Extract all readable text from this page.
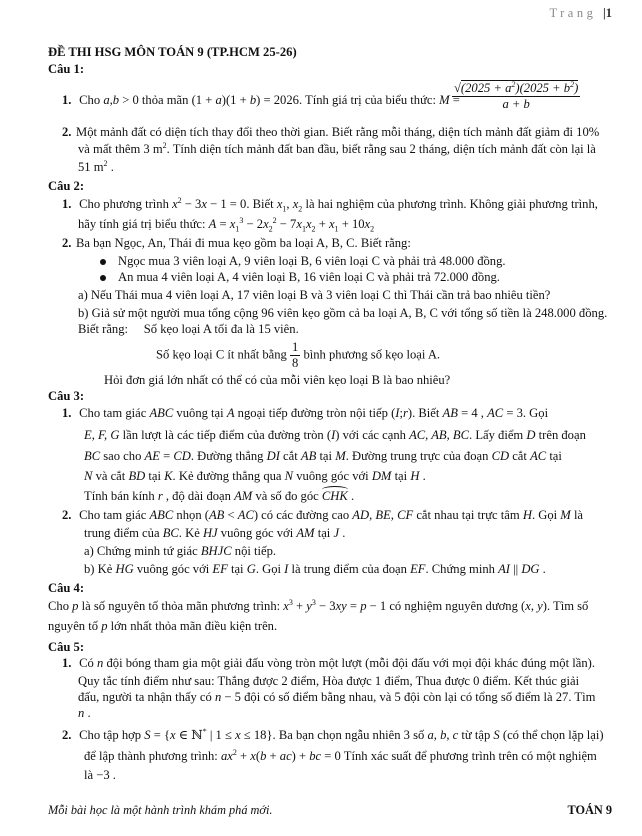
Trang |1
ĐỀ THI HSG MÔN TOÁN 9 (TP.HCM 25-26)
Câu 1:
1. Cho a,b > 0 thỏa mãn (1 + a)(1 + b) = 2026. Tính giá trị của biểu thức: M =
$\frac{√(2025 + a^2)(2025 + b^2)}{a + b}$
2. Một mảnh đất có diện tích thay đổi theo thời gian. Biết rằng mỗi tháng, diện tích mảnh đất giảm đi 10%
và mất thêm 3 $m^2$. Tính diện tích mảnh đất ban đầu, biết rằng sau 2 tháng, diện tích mảnh đất còn lại là
51 $m^2$ .
Câu 2:
1. Cho phương trình $x^2 - 3x - 1 = 0$. Biết $x_1$, $x_2$ là hai nghiệm của phương trình. Không giải phương trình,
hãy tính giá trị biểu thức: $A = x_1^3 - 2x_2^2 - 7x_1x_2 + x_1 + 10x_2$
2. Ba bạn Ngọc, An, Thái đi mua kẹo gồm ba loại A, B, C. Biết rằng:
Ngọc mua 3 viên loại A, 9 viên loại B, 6 viên loại C và phải trả 48.000 đồng.
An mua 4 viên loại A, 4 viên loại B, 16 viên loại C và phải trả 72.000 đồng.
a) Nếu Thái mua 4 viên loại A, 17 viên loại B và 3 viên loại C thì Thái cần trả bao nhiêu tiền?
b) Giả sử một người mua tổng cộng 96 viên kẹo gồm cả ba loại A, B, C với tổng số tiền là 248.000 đồng.
Biết rằng: Số kẹo loại A tối đa là 15 viên.
Số kẹo loại C ít nhất bằng $\frac{1}{8}$ bình phương số kẹo loại A.
Hỏi đơn giá lớn nhất có thể có của mỗi viên kẹo loại B là bao nhiêu?
Câu 3:
1. Cho tam giác ABC vuông tại A ngoại tiếp đường tròn nội tiếp (I;r). Biết AB = 4 , AC = 3. Gọi
E, F, G lần lượt là các tiếp điểm của đường tròn (I) với các cạnh AC, AB, BC. Lấy điểm D trên đoạn
BC sao cho AE = CD. Đường thẳng DI cắt AB tại M. Đường trung trực của đoạn CD cắt AC tại
N và cắt BD tại K. Kẻ đường thẳng qua N vuông góc với DM tại H .
Tính bán kính r , độ dài đoạn AM và số đo góc CHK .
2. Cho tam giác ABC nhọn (AB < AC) có các đường cao AD, BE, CF cắt nhau tại trực tâm H. Gọi M là
trung điểm của BC. Kẻ HJ vuông góc với AM tại J .
a) Chứng minh tứ giác BHJC nội tiếp.
b) Kẻ HG vuông góc với EF tại G. Gọi I là trung điểm của đoạn EF. Chứng minh AI || DG .
Câu 4:
Cho p là số nguyên tố thỏa mãn phương trình: $x^3 + y^3 - 3xy = p - 1$ có nghiệm nguyên dương (x, y). Tìm số
nguyên tố p lớn nhất thỏa mãn điều kiện trên.
Câu 5:
1. Có n đội bóng tham gia một giải đấu vòng tròn một lượt (mỗi đội đấu với mọi đội khác đúng một lần).
Quy tắc tính điểm như sau: Thắng được 2 điểm, Hòa được 1 điểm, Thua được 0 điểm. Kết thúc giải
đấu, người ta nhận thấy có n − 5 đội có số điểm bằng nhau, và 5 đội còn lại có tổng số điểm là 27. Tìm
n .
2. Cho tập hợp S = {x ∈ ℕ* | 1 ≤ x ≤ 18}. Ba bạn chọn ngẫu nhiên 3 số a, b, c từ tập S (có thể chọn lặp lại)
để lập thành phương trình: $ax^2 + x(b + ac)$ + bc = 0 Tính xác suất để phương trình trên có một nghiệm
là −3 .
Mỗi bài học là một hành trình khám phá mới.	TOÁN 9
